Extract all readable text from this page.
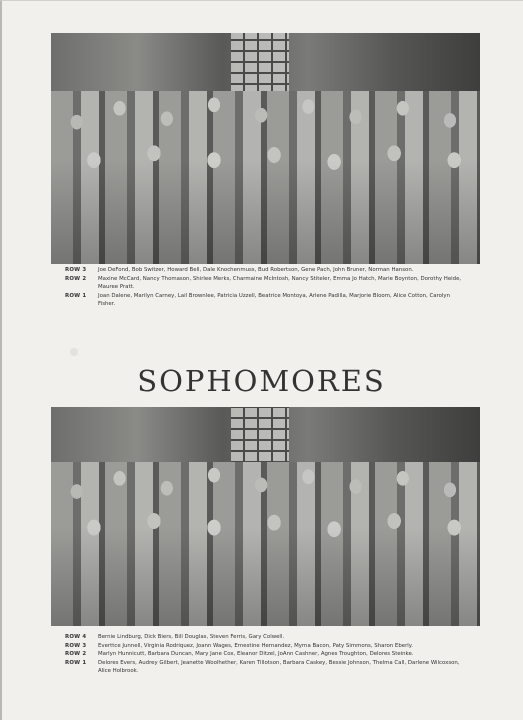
ROW 3	Joe DeFond, Bob Switzer, Howard Bell, Dale Knochenmuss, Bud Robertson, Gene Pach, John Bruner, Norman Hanson.
ROW 2	Maxine McCard, Nancy Thomason, Shirlee Merks, Charmaine McIntosh, Nancy Stiteler, Emma Jo Hatch, Marie Boynton, Dorothy Heide, Mauree Pratt.
ROW 1	Joan Dalene, Marilyn Carney, Lail Brownlee, Patricia Uzzell, Beatrice Montoya, Arlene Padilla, Marjorie Bloom, Alice Cotton, Carolyn Fisher.
SOPHOMORES
ROW 4	Bernie Lindburg, Dick Biers, Bill Douglas, Steven Ferris, Gary Colwell.
ROW 3	Everttce Junnell, Virginia Rodriquez, Joann Wages, Ernestine Hernandez, Myrna Bacon, Paty Simmons, Sharon Eberly.
ROW 2	Marlyn Hunnicutt, Barbara Duncan, Mary Jane Cox, Eleanor Ditzel, JoAnn Cashner, Agnes Troughton, Delores Steinke.
ROW 1	Delores Evers, Audrey Gilbert, Jeanette Woolhether, Karen Tillotson, Barbara Caskey, Bessie Johnson, Thelma Call, Darlene Wilcoxson, Alice Holbrook.
